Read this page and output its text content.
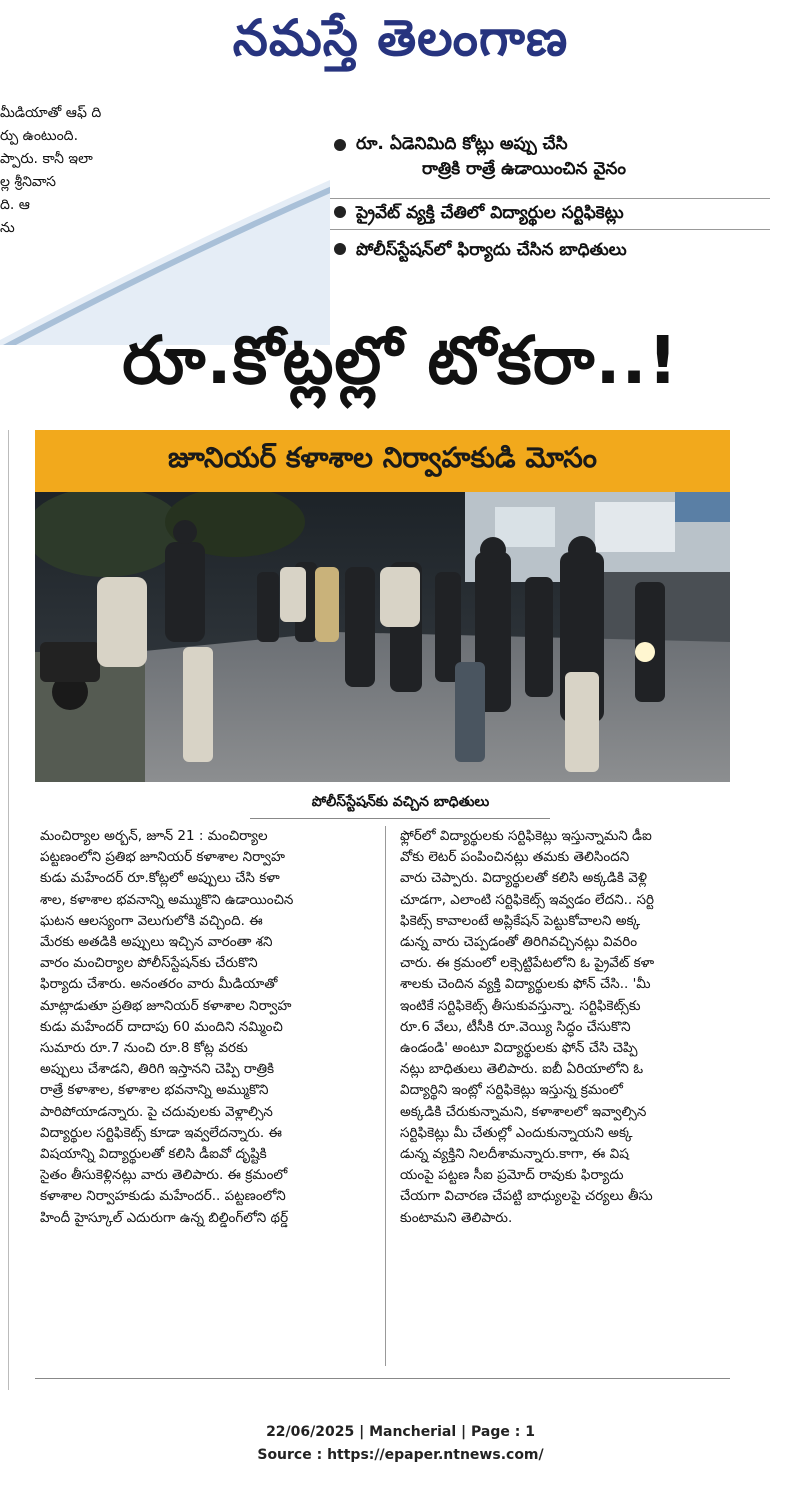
నమస్తే తెలంగాణ
మీడియాతో ఆఫ్ ది
ర్పు ఉంటుంది.
ప్పారు. కానీ ఇలా
ల్ల శ్రీనివాస
ది. ఆ
ను
రూ. ఏడెనిమిది కోట్లు అప్పు చేసి
రాత్రికి రాత్రే ఉడాయించిన వైనం
ప్రైవేట్ వ్యక్తి చేతిలో విద్యార్థుల సర్టిఫికెట్లు
పోలీస్‌స్టేషన్‌లో ఫిర్యాదు చేసిన బాధితులు
రూ.కోట్లల్లో టోకరా..!
జూనియర్ కళాశాల నిర్వాహకుడి మోసం
పోలీస్‌స్టేషన్‌కు వచ్చిన బాధితులు
మంచిర్యాల అర్బన్, జూన్ 21 : మంచిర్యాల
పట్టణంలోని ప్రతిభ జూనియర్ కళాశాల నిర్వాహ
కుడు మహేందర్ రూ.కోట్లలో అప్పులు చేసి కళా
శాల, కళాశాల భవనాన్ని అమ్ముకొని ఉడాయించిన
ఘటన ఆలస్యంగా వెలుగులోకి వచ్చింది. ఈ
మేరకు అతడికి అప్పులు ఇచ్చిన వారంతా శని
వారం మంచిర్యాల పోలీస్‌స్టేషన్‌కు చేరుకొని
ఫిర్యాదు చేశారు. అనంతరం వారు మీడియాతో
మాట్లాడుతూ ప్రతిభ జూనియర్ కళాశాల నిర్వాహ
కుడు మహేందర్ దాదాపు 60 మందిని నమ్మించి
సుమారు రూ.7 నుంచి రూ.8 కోట్ల వరకు
అప్పులు చేశాడని, తిరిగి ఇస్తానని చెప్పి రాత్రికి
రాత్రే కళాశాల, కళాశాల భవనాన్ని అమ్ముకొని
పారిపోయాడన్నారు. పై చదువులకు వెళ్లాల్సిన
విద్యార్థుల సర్టిఫికెట్స్ కూడా ఇవ్వలేదన్నారు. ఈ
విషయాన్ని విద్యార్థులతో కలిసి డీఐవో దృష్టికి
సైతం తీసుకెళ్లినట్లు వారు తెలిపారు. ఈ క్రమంలో
కళాశాల నిర్వాహకుడు మహేందర్.. పట్టణంలోని
హిందీ హైస్కూల్ ఎదురుగా ఉన్న బిల్డింగ్‌లోని థర్డ్
ఫ్లోర్‌లో విద్యార్థులకు సర్టిఫికెట్లు ఇస్తున్నామని డీఐ
వోకు లెటర్ పంపించినట్లు తమకు తెలిసిందని
వారు చెప్పారు. విద్యార్థులతో కలిసి అక్కడికి వెళ్లి
చూడగా, ఎలాంటి సర్టిఫికెట్స్ ఇవ్వడం లేదని.. సర్టి
ఫికెట్స్ కావాలంటే అప్లికేషన్ పెట్టుకోవాలని అక్క
డున్న వారు చెప్పడంతో తిరిగివచ్చినట్లు వివరిం
చారు. ఈ క్రమంలో లక్సెట్టిపేటలోని ఓ ప్రైవేట్ కళా
శాలకు చెందిన వ్యక్తి విద్యార్థులకు ఫోన్ చేసి.. 'మీ
ఇంటికే సర్టిఫికెట్స్ తీసుకువస్తున్నా. సర్టిఫికెట్స్‌కు
రూ.6 వేలు, టీసీకి రూ.వెయ్యి సిద్ధం చేసుకొని
ఉండండి' అంటూ విద్యార్థులకు ఫోన్ చేసి చెప్పి
నట్లు బాధితులు తెలిపారు. ఐబీ ఏరియాలోని ఓ
విద్యార్థిని ఇంట్లో సర్టిఫికెట్లు ఇస్తున్న క్రమంలో
అక్కడికి చేరుకున్నామని, కళాశాలలో ఇవ్వాల్సిన
సర్టిఫికెట్లు మీ చేతుల్లో ఎందుకున్నాయని అక్క
డున్న వ్యక్తిని నిలదీశామన్నారు.కాగా, ఈ విష
యంపై పట్టణ సీఐ ప్రమోద్ రావుకు ఫిర్యాదు
చేయగా విచారణ చేపట్టి బాధ్యులపై చర్యలు తీసు
కుంటామని తెలిపారు.
22/06/2025 | Mancherial | Page : 1
Source : https://epaper.ntnews.com/
